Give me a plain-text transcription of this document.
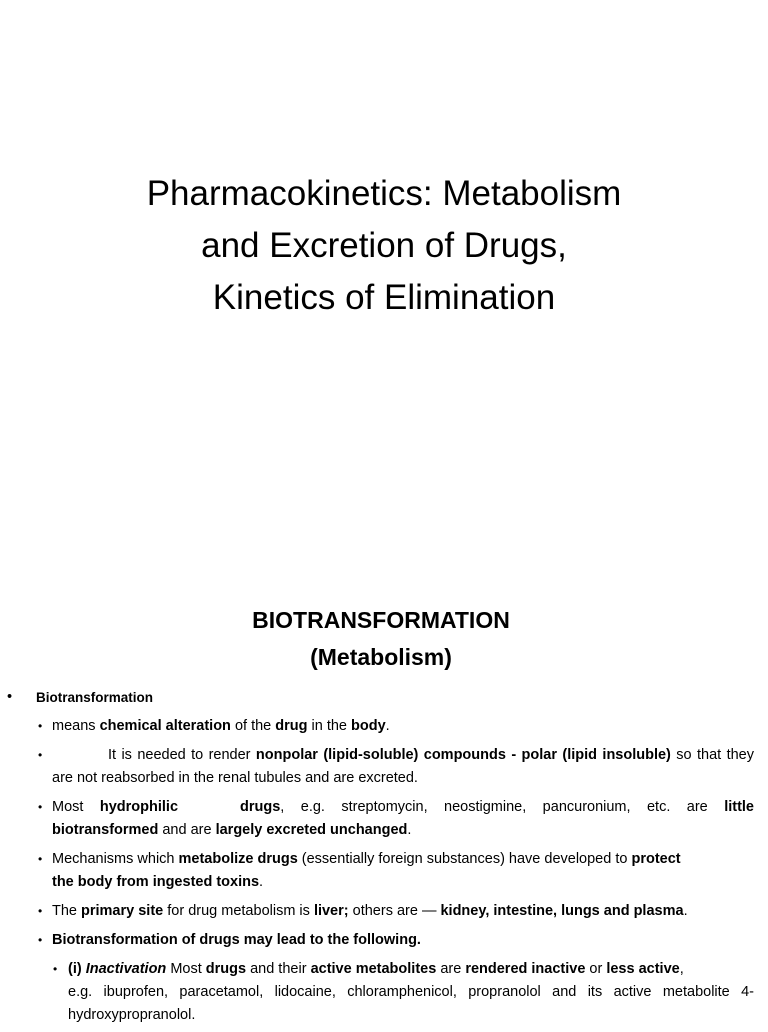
Pharmacokinetics: Metabolism
and Excretion of Drugs,
Kinetics of Elimination
BIOTRANSFORMATION
(Metabolism)
• Biotransformation
• means chemical alteration of the drug in the body.
•	It is needed to render nonpolar (lipid-soluble) compounds - polar (lipid insoluble) so that they are not reabsorbed in the renal tubules and are excreted.
• Most hydrophilic	drugs, e.g. streptomycin, neostigmine, pancuronium, etc. are little biotransformed and are largely excreted unchanged.
• Mechanisms which metabolize drugs (essentially foreign substances) have developed to protect the body from ingested toxins.
• The primary site for drug metabolism is liver; others are — kidney, intestine, lungs and plasma.
• Biotransformation of drugs may lead to the following.
• (i) Inactivation Most drugs and their active metabolites are rendered inactive or less active,
e.g. ibuprofen, paracetamol, lidocaine, chloramphenicol, propranolol and its active metabolite 4-hydroxypropranolol.
